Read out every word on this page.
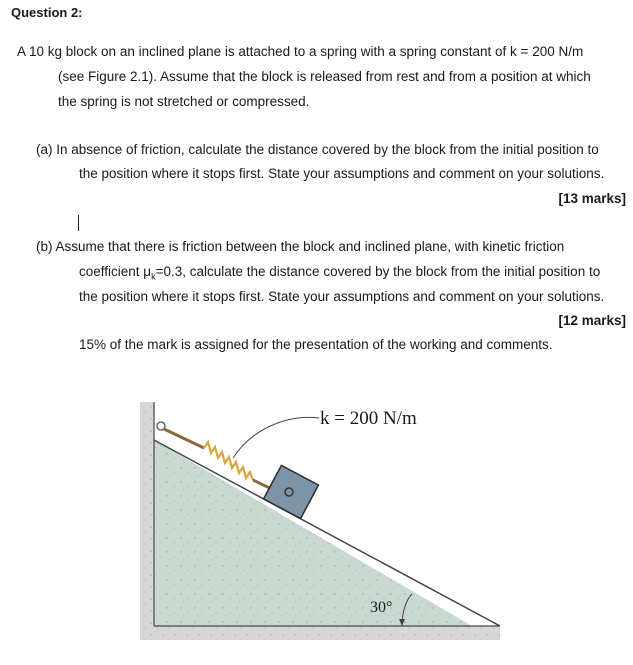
Question 2:
A 10 kg block on an inclined plane is attached to a spring with a spring constant of k = 200 N/m
(see Figure 2.1). Assume that the block is released from rest and from a position at which
the spring is not stretched or compressed.
(a) In absence of friction, calculate the distance covered by the block from the initial position to
the position where it stops first. State your assumptions and comment on your solutions.
[13 marks]
(b) Assume that there is friction between the block and inclined plane, with kinetic friction
coefficient $\mu_k=0.3$, calculate the distance covered by the block from the initial position to
the position where it stops first. State your assumptions and comment on your solutions.
[12 marks]
15% of the mark is assigned for the presentation of the working and comments.
k = 200 N/m
30°
